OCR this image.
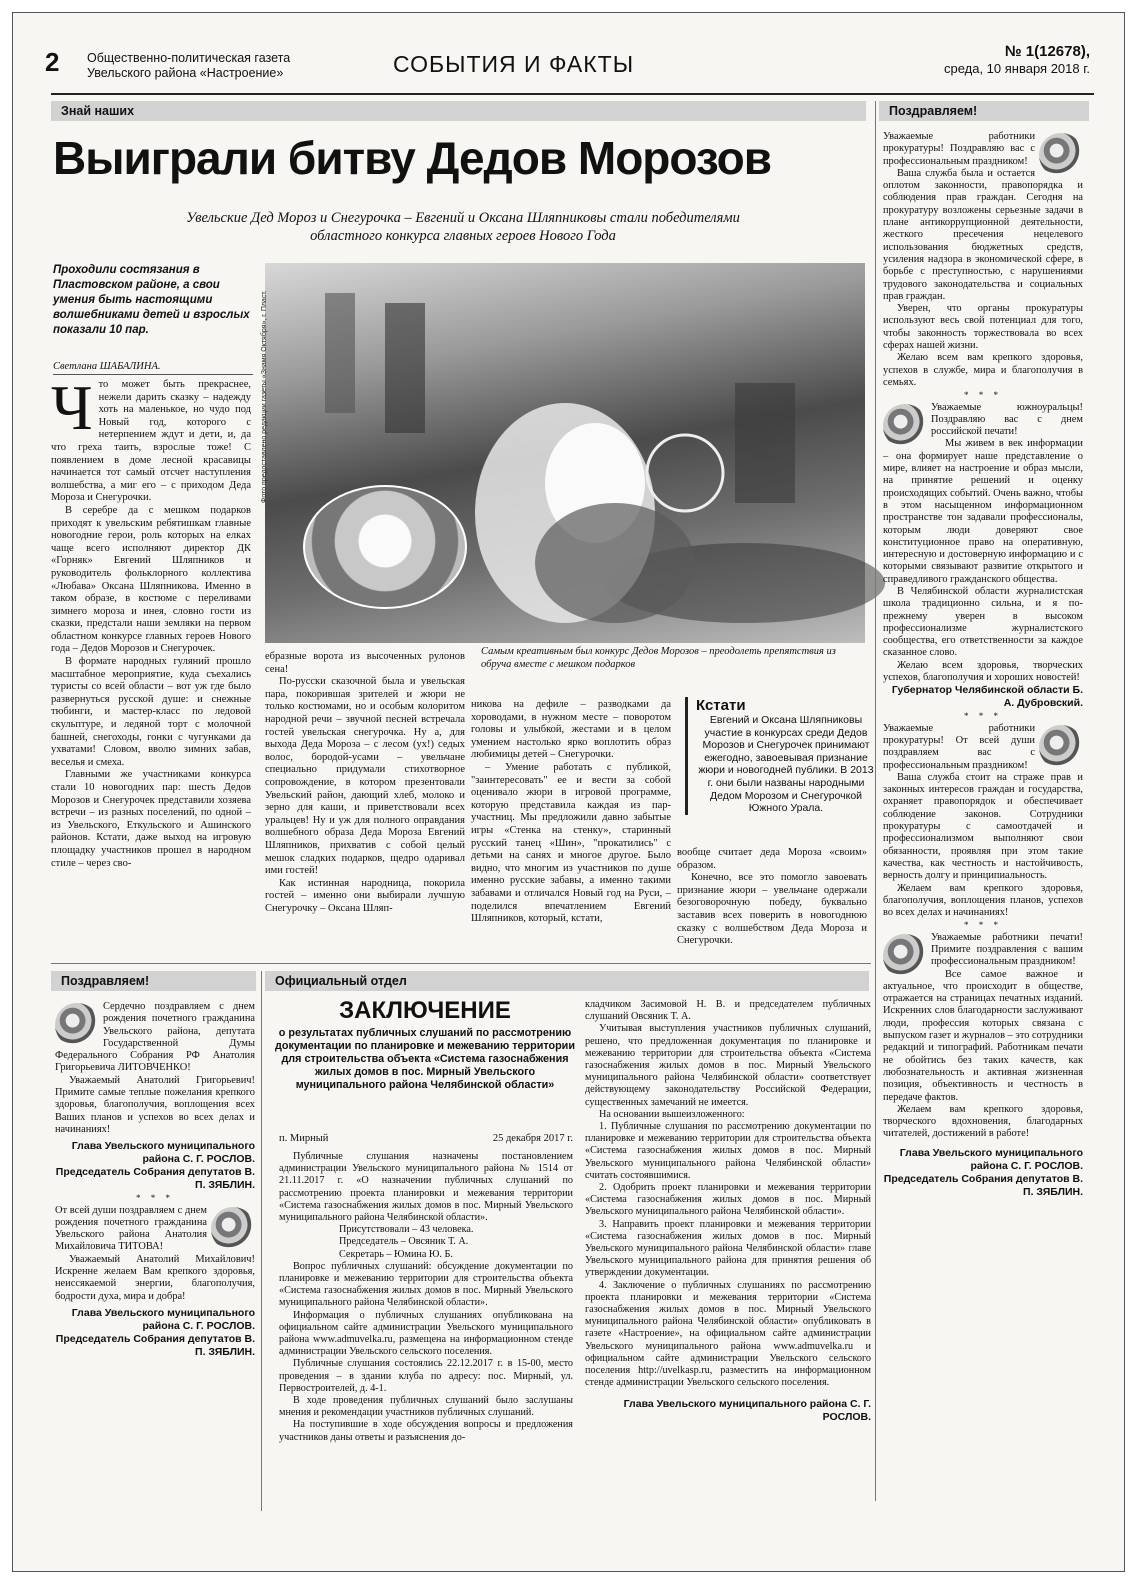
2 Общественно-политическая газета
Увельского района «Настроение»	СОБЫТИЯ И ФАКТЫ	№ 1(12678),
среда, 10 января 2018 г.
Знай наших
Выиграли битву Дедов Морозов
Увельские Дед Мороз и Снегурочка – Евгений и Оксана Шляпниковы стали победителями
областного конкурса главных героев Нового Года
Проходили состязания в Пластовском районе, а свои умения быть настоящими волшебниками детей и взрослых показали 10 пар.
Светлана ШАБАЛИНА.	Фото предоставлено редакции газеты «Знамя Октября», г. Пласт.
Самым креативным был конкурс Дедов Морозов – преодолеть препятствия из обруча вместе с мешком подарков
Ч то может быть прекраснее, нежели дарить сказку – надежду хоть на маленькое, но чудо под Новый год, которого с нетерпением ждут и дети, и, да что греха таить, взрослые тоже! С появлением в доме лесной красавицы начинается тот самый отсчет наступления волшебства, а миг его – с приходом Деда Мороза и Снегурочки.

В серебре да с мешком подарков приходят к увельским ребятишкам главные новогодние герои, роль которых на елках чаще всего исполняют директор ДК «Горняк» Евгений Шляпников и руководитель фольклорного коллектива «Любава» Оксана Шляпникова. Именно в таком образе, в костюме с переливами зимнего мороза и инея, словно гости из сказки, предстали наши земляки на первом областном конкурсе главных героев Нового года – Дедов Морозов и Снегурочек.

В формате народных гуляний прошло масштабное мероприятие, куда съехались туристы со всей области – вот уж где было развернуться русской душе: и снежные тюбинги, и мастер-класс по ледовой скульптуре, и ледяной торт с молочной башней, снегоходы, гонки с чугунками да ухватами! Словом, вволю зимних забав, веселья и смеха.

Главными же участниками конкурса стали 10 новогодних пар: шесть Дедов Морозов и Снегурочек представили хозяева встречи – из разных поселений, по одной – из Увельского, Еткульского и Ашинского районов. Кстати, даже выход на игровую площадку участников прошел в народном стиле – через сво-

ебразные ворота из высоченных рулонов сена!

По-русски сказочной была и увельская пара, покорившая зрителей и жюри не только костюмами, но и особым колоритом народной речи – звучной песней встречала гостей увельская снегурочка. Ну а, для выхода Деда Мороза – с лесом (ух!) седых волос, бородой-усами – увельчане специально придумали стихотворное сопровождение, в котором презентовали Увельский район, дающий хлеб, молоко и зерно для каши, и приветствовали всех уральцев! Ну и уж для полного оправдания волшебного образа Деда Мороза Евгений Шляпников, прихватив с собой целый мешок сладких подарков, щедро одаривал ими гостей!

Как истинная народница, покорила гостей – именно они выбирали лучшую Снегурочку – Оксана Шляп-

никова на дефиле – разводками да хороводами, в нужном месте – поворотом головы и улыбкой, жестами и в целом умением настолько ярко воплотить образ любимицы детей – Снегурочки.

– Умение работать с публикой, "заинтересовать" ее и вести за собой оценивало жюри в игровой программе, которую представила каждая из пар-участниц. Мы предложили давно забытые игры «Стенка на стенку», старинный русский танец «Шин», "прокатились" с детьми на санях и многое другое. Было видно, что многим из участников по душе именно русские забавы, а именно такими забавами и отличался Новый год на Руси, – поделился впечатлением Евгений Шляпников, который, кстати,

Кстати
Евгений и Оксана Шляпниковы участие в конкурсах среди Дедов Морозов и Снегурочек принимают ежегодно, завоевывая признание жюри и новогодней публики. В 2013 г. они были названы народными Дедом Морозом и Снегурочкой Южного Урала.
вообще считает деда Мороза «своим» образом.

Конечно, все это помогло завоевать признание жюри – увельчане одержали безоговорочную победу, буквально заставив всех поверить в новогоднюю сказку с волшебством Деда Мороза и Снегурочки.

Поздравляем!
Уважаемые работники прокуратуры! Поздравляю вас с профессиональным праздником!

Ваша служба была и остается оплотом законности, правопорядка и соблюдения прав граждан. Сегодня на прокуратуру возложены серьезные задачи в плане антикоррупционной деятельности, жесткого пресечения нецелевого использования бюджетных средств, усиления надзора в экономической сфере, в борьбе с преступностью, с нарушениями трудового законодательства и социальных прав граждан.

Уверен, что органы прокуратуры используют весь свой потенциал для того, чтобы законность торжествовала во всех сферах нашей жизни.

Желаю всем вам крепкого здоровья, успехов в службе, мира и благополучия в семьях.

* * *
Уважаемые южноуральцы! Поздравляю вас с днем российской печати!

Мы живем в век информации – она формирует наше представление о мире, влияет на настроение и образ мысли, на принятие решений и оценку происходящих событий. Очень важно, чтобы в этом насыщенном информационном пространстве тон задавали профессионалы, которым люди доверяют свое конституционное право на оперативную, интересную и достоверную информацию и с которыми связывают развитие открытого и справедливого гражданского общества.

В Челябинской области журналистская школа традиционно сильна, и я по-прежнему уверен в высоком профессионализме журналистского сообщества, его ответственности за каждое сказанное слово.

Желаю всем здоровья, творческих успехов, благополучия и хороших новостей!

Губернатор Челябинской области Б. А. Дубровский.
* * *
Уважаемые работники прокуратуры! От всей души поздравляем вас с профессиональным праздником!

Ваша служба стоит на страже прав и законных интересов граждан и государства, охраняет правопорядок и обеспечивает соблюдение законов. Сотрудники прокуратуры с самоотдачей и профессионализмом выполняют свои обязанности, проявляя при этом такие качества, как честность и настойчивость, верность долгу и принципиальность.

Желаем вам крепкого здоровья, благополучия, воплощения планов, успехов во всех делах и начинаниях!

* * *
Уважаемые работники печати! Примите поздравления с вашим профессиональным праздником!

Все самое важное и актуальное, что происходит в обществе, отражается на страницах печатных изданий. Искренних слов благодарности заслуживают люди, профессия которых связана с выпуском газет и журналов – это сотрудники редакций и типографий. Работникам печати не обойтись без таких качеств, как любознательность и активная жизненная позиция, объективность и честность в передаче фактов.

Желаем вам крепкого здоровья, творческого вдохновения, благодарных читателей, достижений в работе!

Глава Увельского муниципального района С. Г. РОСЛОВ.
Председатель Собрания депутатов В. П. ЗЯБЛИН.
Поздравляем!
Сердечно поздравляем с днем рождения почетного гражданина Увельского района, депутата Государственной Думы Федерального Собрания РФ Анатолия Григорьевича ЛИТОВЧЕНКО!

Уважаемый Анатолий Григорьевич! Примите самые теплые пожелания крепкого здоровья, благополучия, воплощения всех Ваших планов и успехов во всех делах и начинаниях!

Глава Увельского муниципального района С. Г. РОСЛОВ.
Председатель Собрания депутатов В. П. ЗЯБЛИН.
* * *
От всей души поздравляем с днем рождения почетного гражданина Увельского района Анатолия Михайловича ТИТОВА!

Уважаемый Анатолий Михайлович! Искренне желаем Вам крепкого здоровья, неиссякаемой энергии, благополучия, бодрости духа, мира и добра!

Глава Увельского муниципального района С. Г. РОСЛОВ.
Председатель Собрания депутатов В. П. ЗЯБЛИН.
Официальный отдел
ЗАКЛЮЧЕНИЕ
о результатах публичных слушаний по рассмотрению документации по планировке и межеванию территории для строительства объекта «Система газоснабжения жилых домов в пос. Мирный Увельского муниципального района Челябинской области»
п. Мирный	25 декабря 2017 г.

Публичные слушания назначены постановлением администрации Увельского муниципального района № 1514 от 21.11.2017 г. «О назначении публичных слушаний по рассмотрению проекта планировки и межевания территории «Система газоснабжения жилых домов в пос. Мирный Увельского муниципального района Челябинской области».

Присутствовали – 43 человека.

Председатель – Овсяник Т. А.

Секретарь – Юмина Ю. Б.

Вопрос публичных слушаний: обсуждение документации по планировке и межеванию территории для строительства объекта «Система газоснабжения жилых домов в пос. Мирный Увельского муниципального района Челябинской области».

Информация о публичных слушаниях опубликована на официальном сайте администрации Увельского муниципального района www.admuvelka.ru, размещена на информационном стенде администрации Увельского сельского поселения.

Публичные слушания состоялись 22.12.2017 г. в 15-00, место проведения – в здании клуба по адресу: пос. Мирный, ул. Первостроителей, д. 4-1.

В ходе проведения публичных слушаний было заслушаны мнения и рекомендации участников публичных слушаний.

На поступившие в ходе обсуждения вопросы и предложения участников даны ответы и разъяснения до-

кладчиком Засимовой Н. В. и председателем публичных слушаний Овсяник Т. А.

Учитывая выступления участников публичных слушаний, решено, что предложенная документация по планировке и межеванию территории для строительства объекта «Система газоснабжения жилых домов в пос. Мирный Увельского муниципального района Челябинской области» соответствует действующему законодательству Российской Федерации, существенных замечаний не имеется.

На основании вышеизложенного:

1. Публичные слушания по рассмотрению документации по планировке и межеванию территории для строительства объекта «Система газоснабжения жилых домов в пос. Мирный Увельского муниципального района Челябинской области» считать состоявшимися.

2. Одобрить проект планировки и межевания территории «Система газоснабжения жилых домов в пос. Мирный Увельского муниципального района Челябинской области».

3. Направить проект планировки и межевания территории «Система газоснабжения жилых домов в пос. Мирный Увельского муниципального района Челябинской области» главе Увельского муниципального района для принятия решения об утверждении документации.

4. Заключение о публичных слушаниях по рассмотрению проекта планировки и межевания территории «Система газоснабжения жилых домов в пос. Мирный Увельского муниципального района Челябинской области» опубликовать в газете «Настроение», на официальном сайте администрации Увельского муниципального района www.admuvelka.ru и официальном сайте администрации Увельского сельского поселения http://uvelkasp.ru, разместить на информационном стенде администрации Увельского сельского поселения.

Глава Увельского муниципального района С. Г. РОСЛОВ.
